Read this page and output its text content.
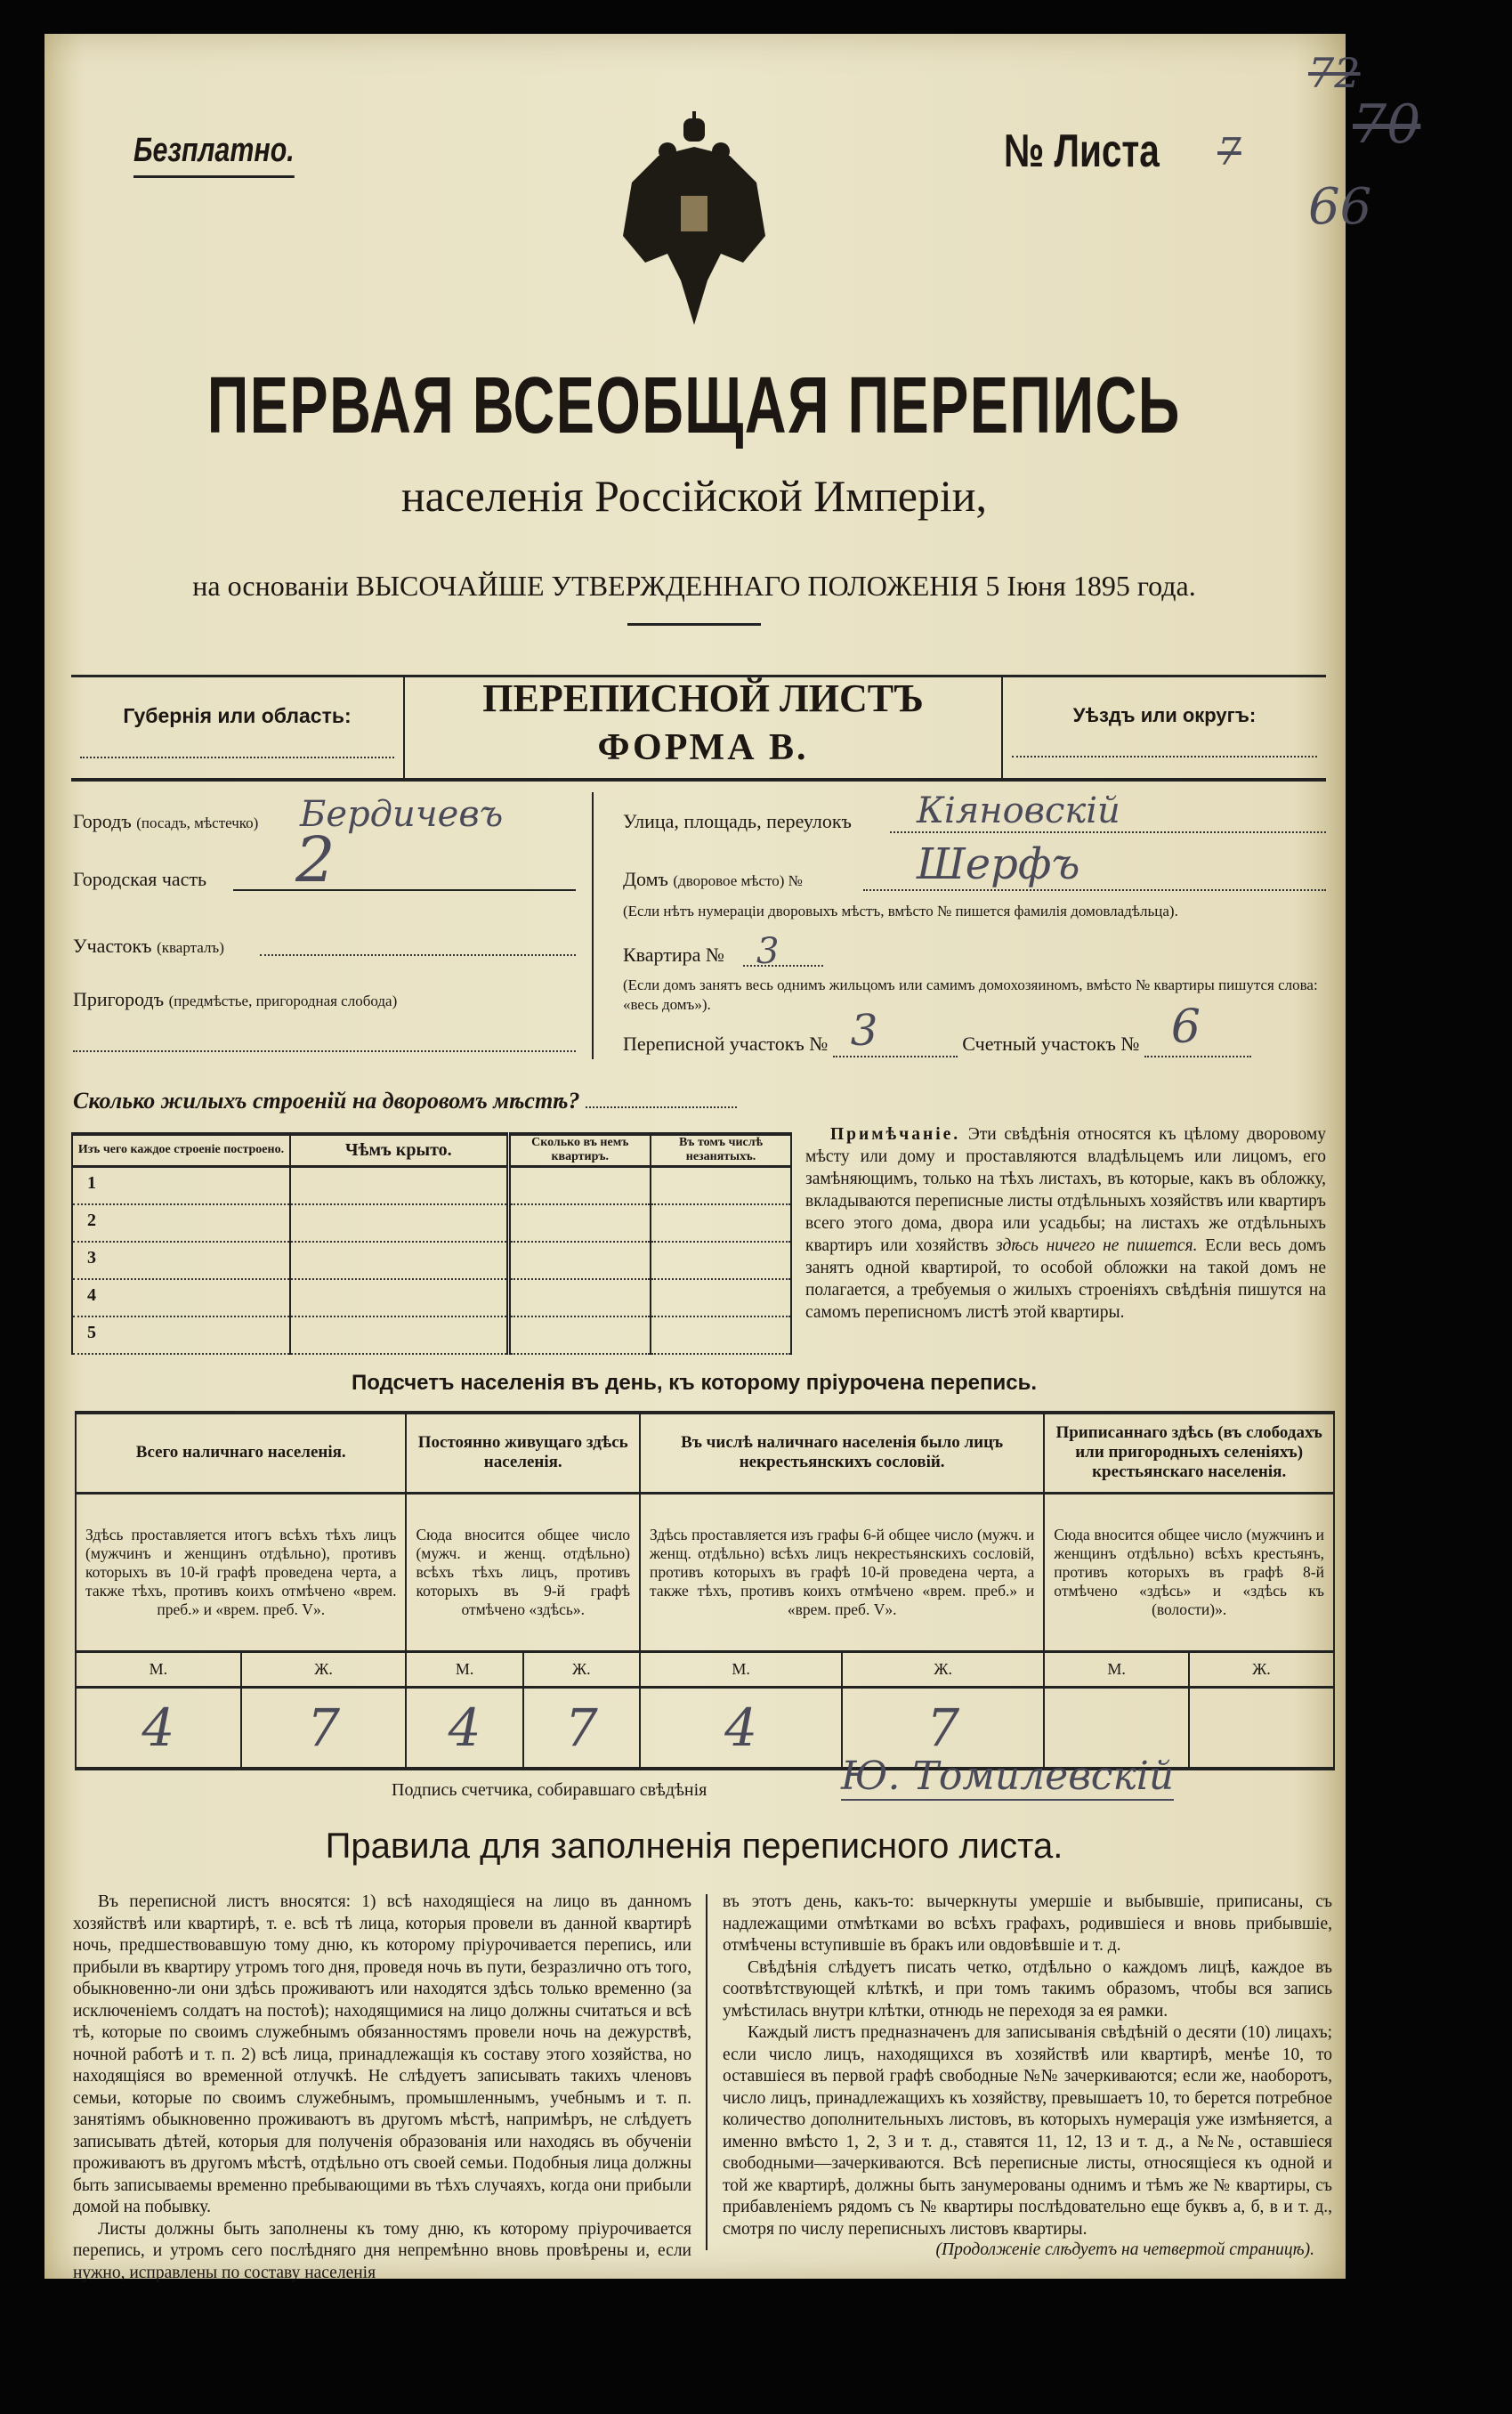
Безплатно.	№ Листа 7
72
70
66
ПЕРВАЯ ВСЕОБЩАЯ ПЕРЕПИСЬ
населенiя Россiйской Имперiи,
на основанiи ВЫСОЧАЙШЕ УТВЕРЖДЕННАГО ПОЛОЖЕНIЯ 5 Iюня 1895 года.
Губернiя или область:	ПЕРЕПИСНОЙ ЛИСТЪ
ФОРМА В.
Уѣздъ или округъ:
Городъ (посадъ, мѣстечко) Бердичевъ
Городская часть 2
Участокъ (кварталъ)
Пригородъ (предмѣстье, пригородная слобода)
Улица, площадь, переулокъ Кiяновскiй
Домъ (дворовое мѣсто) №	Шерфъ
(Если нѣтъ нумерацiи дворовыхъ мѣстъ, вмѣсто № пишется фамилiя домовладѣльца).
Квартира № 3
(Если домъ занятъ весь однимъ жильцомъ или самимъ домохозяиномъ, вмѣсто № квартиры пишутся слова: «весь домъ»).
Переписной участокъ № 3	Счетный участокъ № 6

Сколько жилыхъ строенiй на дворовомъ мѣстѣ?
Изъ чего каждое строенiе построено.	Чѣмъ крыто.	Сколько въ немъ квартиръ.	Въ томъ числѣ незанятыхъ.
1			
2			
3			
4			
5			
Примѣчанiе. Эти свѣдѣнiя относятся къ цѣлому дворовому мѣсту или дому и проставляются владѣльцемъ или лицомъ, его замѣняющимъ, только на тѣхъ листахъ, въ которые, какъ въ обложку, вкладываются переписные листы отдѣльныхъ хозяйствъ или квартиръ всего этого дома, двора или усадьбы; на листахъ же отдѣльныхъ квартиръ или хозяйствъ здѣсь ничего не пишется. Если весь домъ занятъ одной квартирой, то особой обложки на такой домъ не полагается, а требуемыя о жилыхъ строенiяхъ свѣдѣнiя пишутся на самомъ переписномъ листѣ этой квартиры.
Подсчетъ населенiя въ день, къ которому прiурочена перепись.
Всего наличнаго населенiя.		Постоянно живущаго здѣсь населенiя.		Въ числѣ наличнаго населенiя было лицъ некрестьянскихъ сословiй.		Приписаннаго здѣсь (въ слободахъ или пригородныхъ селенiяхъ) крестьянскаго населенiя.	
Здѣсь проставляется итогъ всѣхъ тѣхъ лицъ (мужчинъ и женщинъ отдѣльно), противъ которыхъ въ 10-й графѣ проведена черта, а также тѣхъ, противъ коихъ отмѣчено «врем. преб.» и «врем. преб. V».		Сюда вносится общее число (мужч. и женщ. отдѣльно) всѣхъ тѣхъ лицъ, противъ которыхъ въ 9-й графѣ отмѣчено «здѣсь».		Здѣсь проставляется изъ графы 6-й общее число (мужч. и женщ. отдѣльно) всѣхъ лицъ некрестьянскихъ сословiй, противъ которыхъ въ графѣ 10-й проведена черта, а также тѣхъ, противъ коихъ отмѣчено «врем. преб.» и «врем. преб. V».		Сюда вносится общее число (мужчинъ и женщинъ отдѣльно) всѣхъ крестьянъ, противъ которыхъ въ графѣ 8-й отмѣчено «здѣсь» и «здѣсь къ (волости)».	
М.	Ж.	М.	Ж.	М.	Ж.	М.	Ж.
4	7	4	7	4	7		
Подпись счетчика, собиравшаго свѣдѣнiя	Ю. Томилевскiй
Правила для заполненiя переписного листа.

Въ переписной листъ вносятся: 1) всѣ находящiеся на лицо въ данномъ хозяйствѣ или квартирѣ, т. е. всѣ тѣ лица, которыя провели въ данной квартирѣ ночь, предшествовавшую тому дню, къ которому прiурочивается перепись, или прибыли въ квартиру утромъ того дня, проведя ночь въ пути, безразлично отъ того, обыкновенно-ли они здѣсь проживаютъ или находятся здѣсь только временно (за исключенiемъ солдатъ на постоѣ); находящимися на лицо должны считаться и всѣ тѣ, которые по своимъ служебнымъ обязанностямъ провели ночь на дежурствѣ, ночной работѣ и т. п. 2) всѣ лица, принадлежащiя къ составу этого хозяйства, но находящiяся во временной отлучкѣ. Не слѣдуетъ записывать такихъ членовъ семьи, которые по своимъ служебнымъ, промышленнымъ, учебнымъ и т. п. занятiямъ обыкновенно проживаютъ въ другомъ мѣстѣ, напримѣръ, не слѣдуетъ записывать дѣтей, которыя для полученiя образованiя или находясь въ обученiи проживаютъ въ другомъ мѣстѣ, отдѣльно отъ своей семьи. Подобныя лица должны быть записываемы временно пребывающими въ тѣхъ случаяхъ, когда они прибыли домой на побывку.

Листы должны быть заполнены къ тому дню, къ которому прiурочивается перепись, и утромъ сего послѣдняго дня непремѣнно вновь провѣрены и, если нужно, исправлены по составу населенiя

въ этотъ день, какъ-то: вычеркнуты умершiе и выбывшiе, приписаны, съ надлежащими отмѣтками во всѣхъ графахъ, родившiеся и вновь прибывшiе, отмѣчены вступившiе въ бракъ или овдовѣвшiе и т. д.

Свѣдѣнiя слѣдуетъ писать четко, отдѣльно о каждомъ лицѣ, каждое въ соотвѣтствующей клѣткѣ, и при томъ такимъ образомъ, чтобы вся запись умѣстилась внутри клѣтки, отнюдь не переходя за ея рамки.

Каждый листъ предназначенъ для записыванiя свѣдѣнiй о десяти (10) лицахъ; если число лицъ, находящихся въ хозяйствѣ или квартирѣ, менѣе 10, то оставшiеся въ первой графѣ свободные №№ зачеркиваются; если же, наоборотъ, число лицъ, принадлежащихъ къ хозяйству, превышаетъ 10, то берется потребное количество дополнительныхъ листовъ, въ которыхъ нумерацiя уже измѣняется, а именно вмѣсто 1, 2, 3 и т. д., ставятся 11, 12, 13 и т. д., а №№, оставшiеся свободными—зачеркиваются. Всѣ переписные листы, относящiеся къ одной и той же квартирѣ, должны быть занумерованы однимъ и тѣмъ же № квартиры, съ прибавленiемъ рядомъ съ № квартиры послѣдовательно еще буквъ а, б, в и т. д., смотря по числу переписныхъ листовъ квартиры.

(Продолженiе слѣдуетъ на четвертой страницѣ).
